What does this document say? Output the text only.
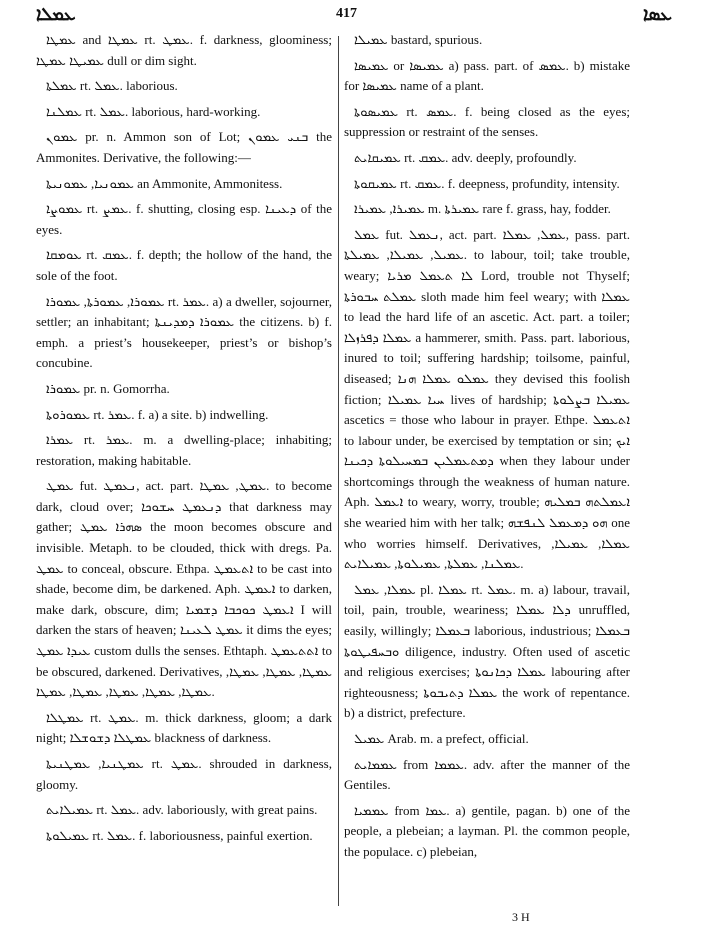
ܥܡܠܐ	417	ܥܣܐ

ܥܡܛܐ and ܥܡܛܐ rt. ܥܡܛ. f. darkness, gloominess; ܥܡܝܛܐ ܥܡܛܐ dull or dim sight.

ܥܡܠܬܐ rt. ܥܡܠ. laborious.

ܥܡܠܢܐ rt. ܥܡܠ. laborious, hard-working.

ܥܡܘܢ pr. n. Ammon son of Lot; ܒܢܝ ܥܡܘܢ the Ammonites. Derivative, the following:—

ܥܡܘܢܝܐ, ܥܡܘܢܝܬܐ an Ammonite, Ammonitess.

ܥܡܘܨܐ rt. ܥܡܨ. f. shutting, closing esp. ܕܥܝܢܐ of the eyes.

ܥܘܡܩܐ rt. ܥܡܩ. f. depth; the hollow of the hand, the sole of the foot.

ܥܡܘܪܐ, ܥܡܘܪܬܐ, ܥܡܘܪܐ rt. ܥܡܪ. a) a dweller, sojourner, settler; an inhabitant; ܥܡܘܪܐ ܕܡܕܝܢܬܐ the citizens. b) f. emph. a priest’s housekeeper, priest’s or bishop’s concubine.

ܥܡܘܪܐ pr. n. Gomorrha.

ܥܡܘܪܘܬܐ rt. ܥܡܪ. f. a) a site. b) indwelling.

ܥܡܪܐ rt. ܥܡܪ. m. a dwelling-place; inhabiting; restoration, making habitable.

ܥܡܛ fut. ܢܥܡܛ, act. part. ܥܡܛ, ܥܡܛܐ. to become dark, cloud over; ܕܢܥܡܛ ܚܫܘܟܐ that darkness may gather; ܣܗܪܐ ܥܡܛ the moon becomes obscure and invisible. Metaph. to be clouded, thick with dregs. Pa. ܥܡܛ to conceal, obscure. Ethpa. ܐܬܥܡܛ to be cast into shade, become dim, be darkened. Aph. ܐܥܡܛ to darken, make dark, obscure, dim; ܐܥܡܛ ܟܘܟܒܐ ܕܫܡܝܐ I will darken the stars of heaven; ܥܡܛ ܠܥܝܢܐ it dims the eyes; ܥܝܕܐ ܥܡܛ custom dulls the senses. Ethtaph. ܐܬܬܥܡܛ to be obscured, darkened. Derivatives, ܥܡܛܐ, ܥܡܛܐ, ܥܡܛܐ, ܥܡܛܐ, ܥܡܛܐ, ܥܡܛܐ, ܥܡܛܐ, ܥܡܛܐ.

ܥܡܛܠܐ rt. ܥܡܛ. m. thick darkness, gloom; a dark night; ܥܡܛܠܐ ܕܫܘܫܠܐ blackness of darkness.

ܥܡܛܢܝܐ, ܥܡܛܢܝܬܐ rt. ܥܡܛ. shrouded in darkness, gloomy.

ܥܡܝܠܐܝܬ rt. ܥܡܠ. adv. laboriously, with great pains.

ܥܡܝܠܘܬܐ rt. ܥܡܠ. f. laboriousness, painful exertion.

ܥܡܝܠܐ bastard, spurious.

ܥܡܝܣܐ or ܥܡܝܣܐ a) pass. part. of ܥܡܣ. b) mistake for ܥܡܝܣܐ name of a plant.

ܥܡܝܣܘܬܐ rt. ܥܡܣ. f. being closed as the eyes; suppression or restraint of the senses.

ܥܡܝܩܐܝܬ rt. ܥܡܩ. adv. deeply, profoundly.

ܥܡܝܩܘܬܐ rt. ܥܡܩ. f. deepness, profundity, intensity.

ܥܡܝܪܐ, ܥܡܝܪܐ m. ܥܡܝܪܬܐ rare f. grass, hay, fodder.

ܥܡܠ fut. ܢܥܡܠ, act. part. ܥܡܠ, ܥܡܠܐ, pass. part. ܥܡܝܠ, ܥܡܝܠܐ, ܥܡܝܠܬܐ. to labour, toil; take trouble, weary; ܠܐ ܬܥܡܠ ܡܪܝܐ Lord, trouble not Thyself; ܥܡܠܬ ܚܒܘܪܬܐ sloth made him feel weary; with ܥܡܠܐ to lead the hard life of an ascetic. Act. part. a toiler; ܥܡܠܐ ܕܦܪܙܠܐ a hammerer, smith. Pass. part. laborious, inured to toil; suffering hardship; toilsome, painful, diseased; ܥܡܠܘ ܥܡܠܐ ܗܢܐ they devised this foolish fiction; ܚܝܐ ܥܡܝܠܐ lives of hardship; ܥܡܝܠܐ ܒܨܠܘܬܐ ascetics = those who labour in prayer. Ethpe. ܐܬܥܡܠ to labour under, be exercised by temptation or sin; ܐܝܟ ܕܡܬܥܡܠܝܢ ܒܡܚܝܠܘܬܐ ܕܟܝܢܐ when they labour under shortcomings through the weakness of human nature. Aph. ܐܥܡܠ to weary, worry, trouble; ܐܥܡܠܬܗ ܒܡܠܝܗ she wearied him with her talk; ܗܘ ܕܡܥܡܠ ܠܢܦܫܗ one who worries himself. Derivatives, ܥܡܠܐ, ܥܡܝܠܐ, ܥܡܠܢܐ, ܥܡܠܬܐ, ܥܡܝܠܘܬܐ, ܥܡܝܠܐܝܬ.

ܥܡܠܐ, ܥܡܠ pl. ܥܡܠܐ rt. ܥܡܠ. m. a) labour, travail, toil, pain, trouble, weariness; ܕܠܐ ܥܡܠܐ unruffled, easily, willingly; ܒܥܡܠܐ laborious, industrious; ܒܥܡܠܐ ܘܒܚܦܝܛܘܬܐ diligence, industry. Often used of ascetic and religious exercises; ܥܡܠܐ ܕܟܐܢܘܬܐ labouring after righteousness; ܥܡܠܐ ܕܬܝܒܘܬܐ the work of repentance. b) a district, prefecture.

ܥܡܝܠ Arab. m. a prefect, official.

ܥܡܡܐܝܬ from ܥܡܡܐ. adv. after the manner of the Gentiles.

ܥܡܡܝܐ from ܥܡܐ. a) gentile, pagan. b) one of the people, a plebeian; a layman. Pl. the common people, the populace. c) plebeian,

3 H
